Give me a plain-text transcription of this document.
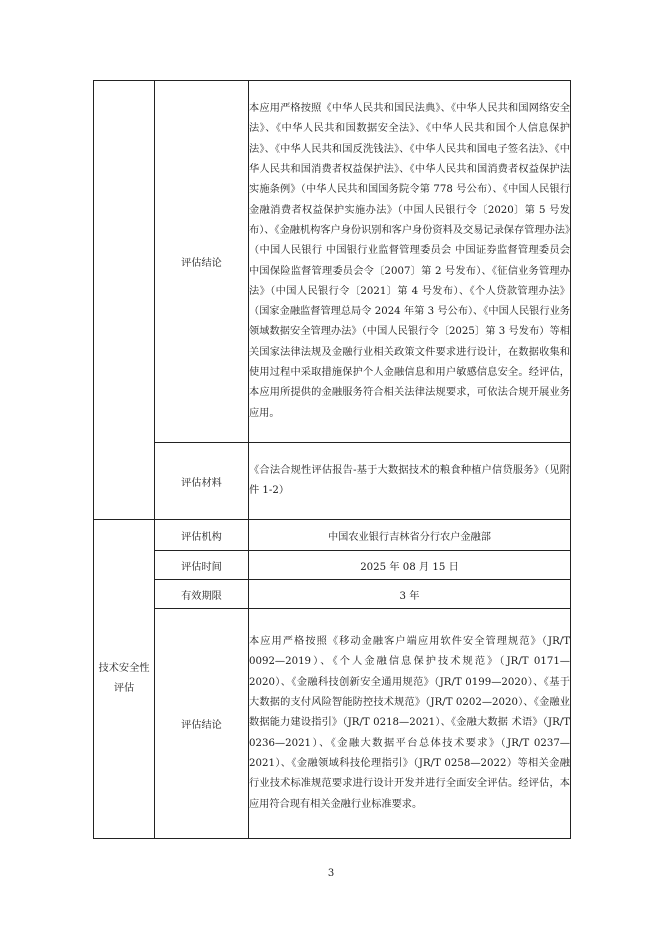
	评估结论	本应用严格按照《中华人民共和国民法典》、《中华人民共和国网络安全法》、《中华人民共和国数据安全法》、《中华人民共和国个人信息保护法》、《中华人民共和国反洗钱法》、《中华人民共和国电子签名法》、《中华人民共和国消费者权益保护法》、《中华人民共和国消费者权益保护法实施条例》（中华人民共和国国务院令第 778 号公布）、《中国人民银行金融消费者权益保护实施办法》（中国人民银行令〔2020〕第 5 号发布）、《金融机构客户身份识别和客户身份资料及交易记录保存管理办法》（中国人民银行 中国银行业监督管理委员会 中国证券监督管理委员会 中国保险监督管理委员会令〔2007〕第 2 号发布）、《征信业务管理办法》（中国人民银行令〔2021〕第 4 号发布）、《个人贷款管理办法》（国家金融监督管理总局令 2024 年第 3 号公布）、《中国人民银行业务领域数据安全管理办法》（中国人民银行令〔2025〕第 3 号发布）等相关国家法律法规及金融行业相关政策文件要求进行设计，在数据收集和使用过程中采取措施保护个人金融信息和用户敏感信息安全。经评估，本应用所提供的金融服务符合相关法律法规要求，可依法合规开展业务应用。
	评估材料	《合法合规性评估报告-基于大数据技术的粮食种植户信贷服务》（见附件 1-2）
技术安全性评估	评估机构	中国农业银行吉林省分行农户金融部
	评估时间	2025 年 08 月 15 日
	有效期限	3 年
	评估结论	本应用严格按照《移动金融客户端应用软件安全管理规范》（JR/T 0092—2019）、《个人金融信息保护技术规范》（JR/T 0171—2020）、《金融科技创新安全通用规范》（JR/T 0199—2020）、《基于大数据的支付风险智能防控技术规范》（JR/T 0202—2020）、《金融业数据能力建设指引》（JR/T 0218—2021）、《金融大数据 术语》（JR/T 0236—2021）、《金融大数据平台总体技术要求》（JR/T 0237—2021）、《金融领域科技伦理指引》（JR/T 0258—2022）等相关金融行业技术标准规范要求进行设计开发并进行全面安全评估。经评估，本应用符合现有相关金融行业标准要求。
3
